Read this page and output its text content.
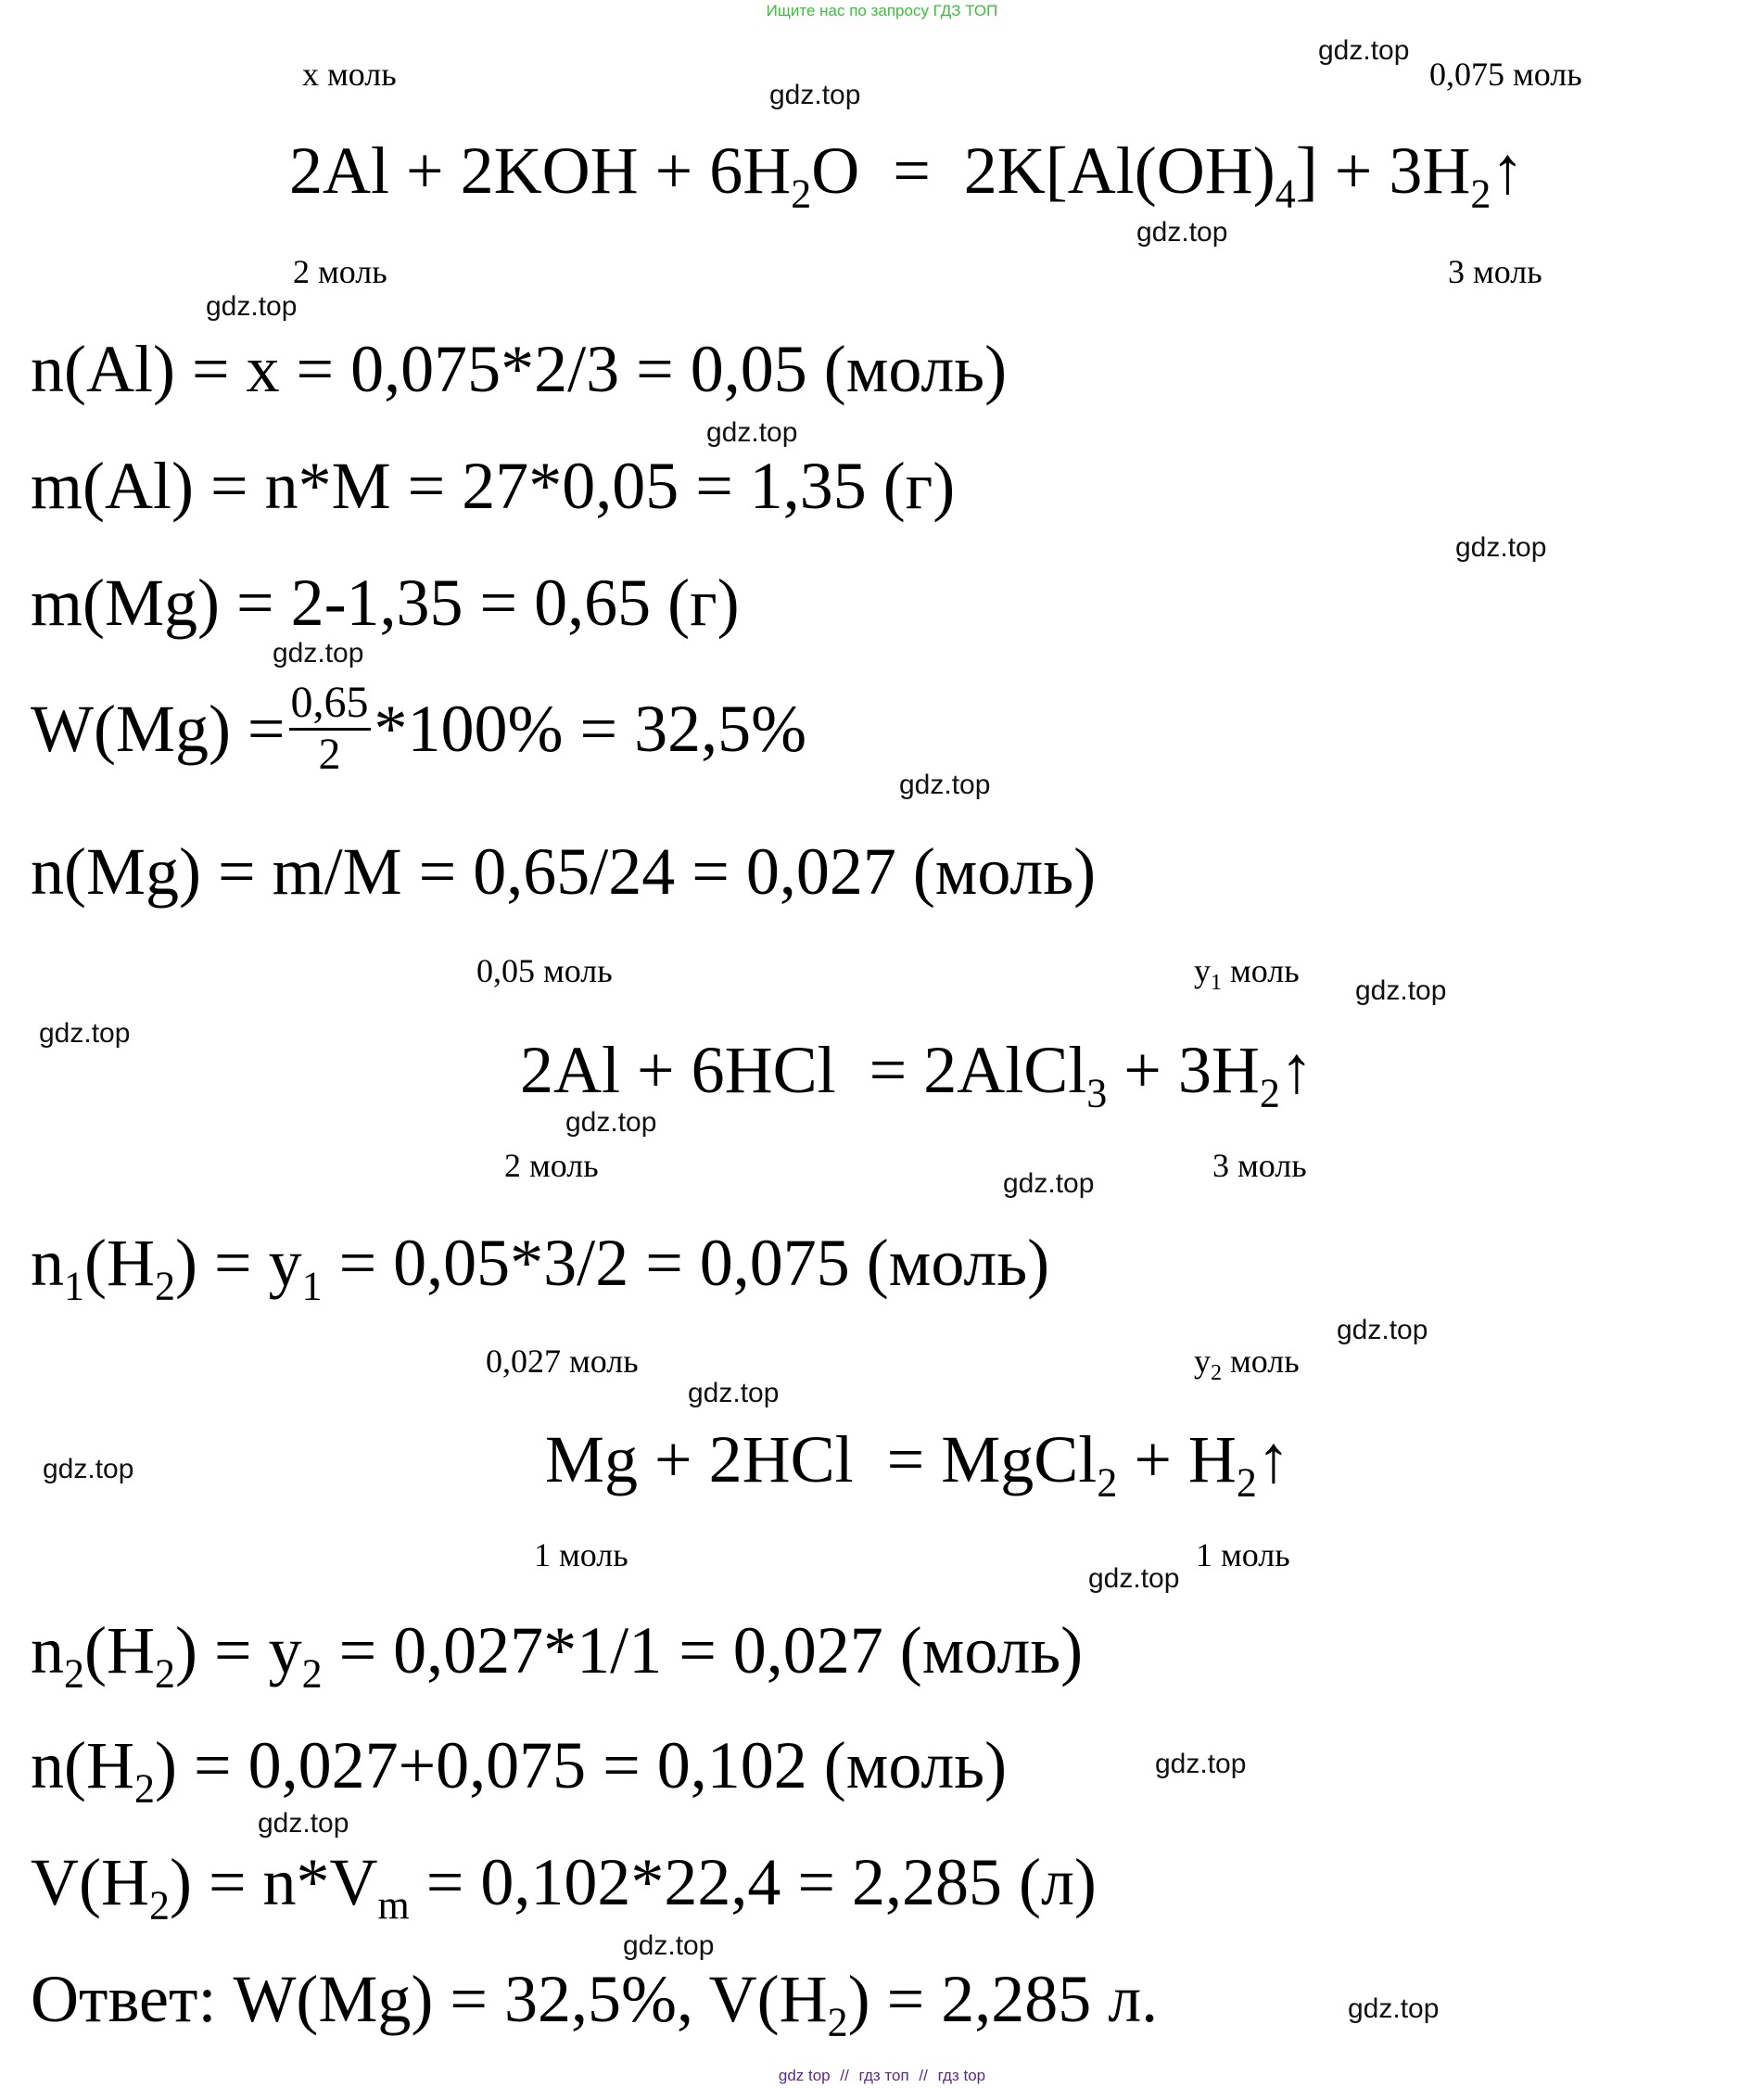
Ищите нас по запросу ГДЗ ТОП
x моль	0,075 моль
$2Al + 2KOH + 6H_2O = 2K[Al(OH)_4]$ + $3H_2↑$
2 моль	3 моль
n(Al) = x = 0,075*2/3 = 0,05 (моль)
m(Al) = n*M = 27*0,05 = 1,35 (г)
m(Mg) = 2-1,35 = 0,65 (г)
$W(Mg) = \frac{0,65}{2} *100\% = 32,5\%$
n(Mg) = m/M = 0,65/24 = 0,027 (моль)
0,05 моль	$y_1$ моль
2Al + 6HCl  = 2AlCl$_3$ + $3H_2↑$
2 моль	3 моль
$n_1(H_2) = y_1 = 0,05*3/2 = 0,075$ (моль)
0,027 моль	$y_2$ моль
Mg + 2HCl  = MgCl$_2$ + $H_2↑$
1 моль	1 моль
$n_2(H_2) = y_2 = 0,027*1/1 = 0,027$ (моль)
$n(H_2) = 0,027+0,075 = 0,102$ (моль)
$V(H_2) = n*V_m = 0,102*22,4 = 2,285$ (л)
Ответ: W(Mg) = 32,5%, $V(H_2) = 2,285$ л.
gdz.top
gdz.top
gdz.top
gdz.top
gdz.top
gdz.top
gdz.top
gdz.top
gdz.top
gdz.top
gdz.top
gdz.top
gdz.top
gdz.top
gdz.top
gdz.top
gdz.top
gdz.top
gdz.top
gdz.top
gdz top // гдз топ // гдз top
